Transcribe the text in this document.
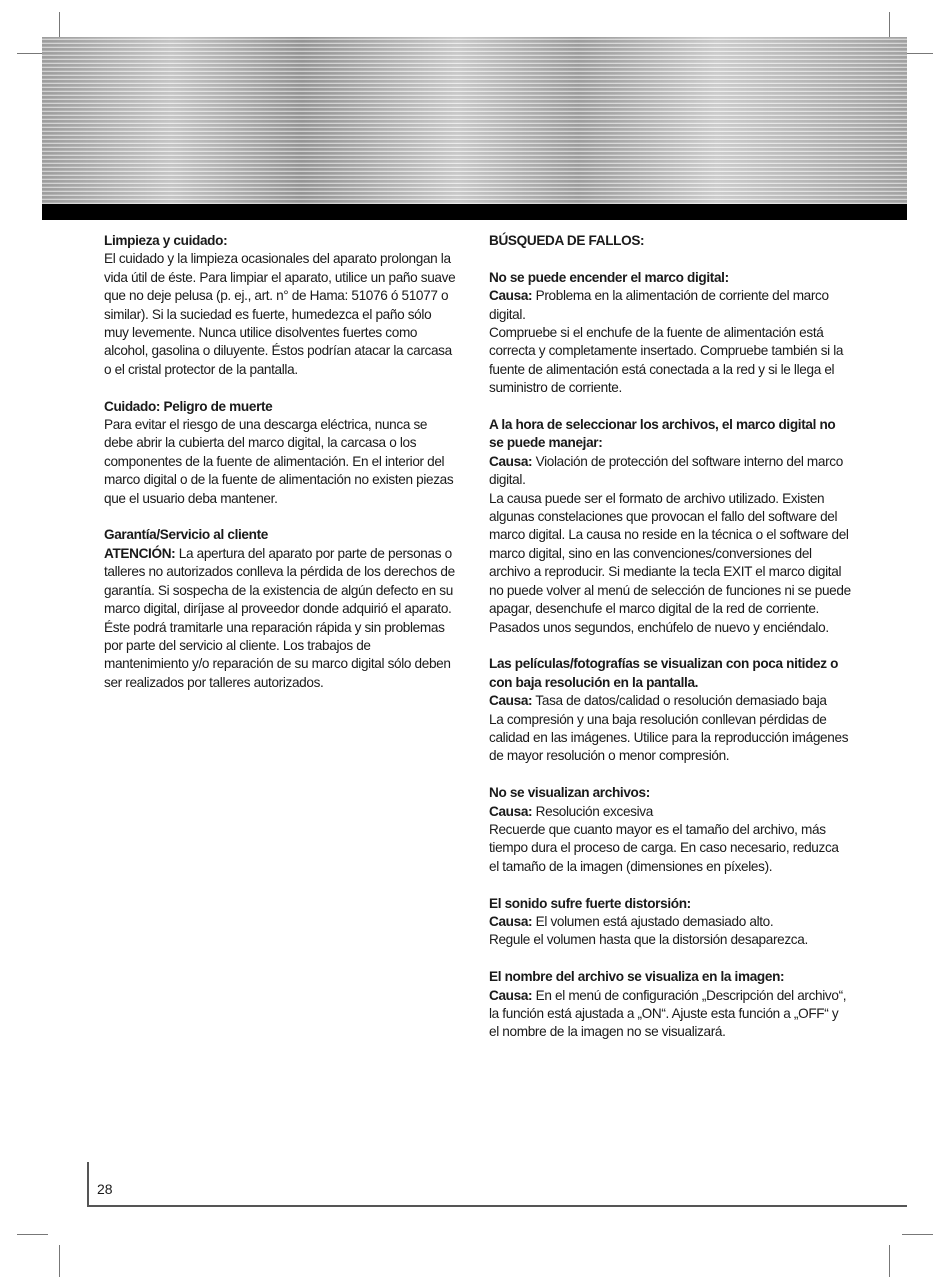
Limpieza y cuidado:

El cuidado y la limpieza ocasionales del aparato prolongan la vida útil de éste. Para limpiar el aparato, utilice un paño suave que no deje pelusa (p. ej., art. n° de Hama: 51076 ó 51077 o similar). Si la suciedad es fuerte, humedezca el paño sólo muy levemente. Nunca utilice disolventes fuertes como alcohol, gasolina o diluyente. Éstos podrían atacar la carcasa o el cristal protector de la pantalla.

Cuidado: Peligro de muerte

Para evitar el riesgo de una descarga eléctrica, nunca se debe abrir la cubierta del marco digital, la carcasa o los componentes de la fuente de alimentación. En el interior del marco digital o de la fuente de alimentación no existen piezas que el usuario deba mantener.

Garantía/Servicio al cliente

ATENCIÓN: La apertura del aparato por parte de personas o talleres no autorizados conlleva la pérdida de los derechos de garantía. Si sospecha de la existencia de algún defecto en su marco digital, diríjase al proveedor donde adquirió el aparato. Éste podrá tramitarle una reparación rápida y sin problemas por parte del servicio al cliente. Los trabajos de mantenimiento y/o reparación de su marco digital sólo deben ser realizados por talleres autorizados.

BÚSQUEDA DE FALLOS:
No se puede encender el marco digital:

Causa: Problema en la alimentación de corriente del marco digital.

Compruebe si el enchufe de la fuente de alimentación está correcta y completamente insertado. Compruebe también si la fuente de alimentación está conectada a la red y si le llega el suministro de corriente.

A la hora de seleccionar los archivos, el marco digital no se puede manejar:

Causa: Violación de protección del software interno del marco digital.

La causa puede ser el formato de archivo utilizado. Existen algunas constelaciones que provocan el fallo del software del marco digital. La causa no reside en la técnica o el software del marco digital, sino en las convenciones/conversiones del archivo a reproducir. Si mediante la tecla EXIT el marco digital no puede volver al menú de selección de funciones ni se puede apagar, desenchufe el marco digital de la red de corriente. Pasados unos segundos, enchúfelo de nuevo y enciéndalo.

Las películas/fotografías se visualizan con poca nitidez o con baja resolución en la pantalla.

Causa: Tasa de datos/calidad o resolución demasiado baja

La compresión y una baja resolución conllevan pérdidas de calidad en las imágenes. Utilice para la reproducción imágenes de mayor resolución o menor compresión.

No se visualizan archivos:

Causa: Resolución excesiva

Recuerde que cuanto mayor es el tamaño del archivo, más tiempo dura el proceso de carga. En caso necesario, reduzca el tamaño de la imagen (dimensiones en píxeles).

El sonido sufre fuerte distorsión:

Causa: El volumen está ajustado demasiado alto.

Regule el volumen hasta que la distorsión desaparezca.

El nombre del archivo se visualiza en la imagen:

Causa: En el menú de configuración „Descripción del archivo“, la función está ajustada a „ON“. Ajuste esta función a „OFF“ y el nombre de la imagen no se visualizará.

28
